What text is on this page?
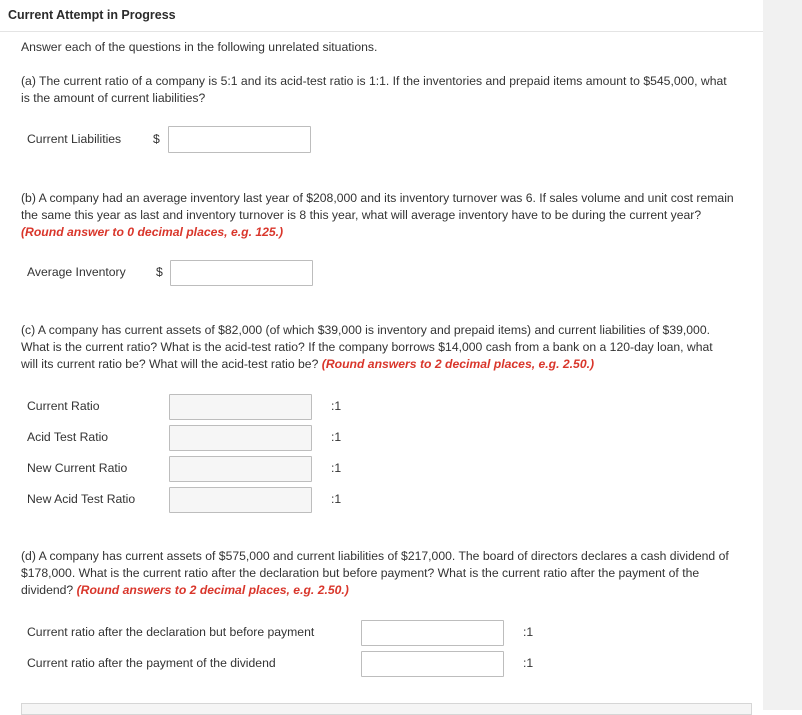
Current Attempt in Progress
Answer each of the questions in the following unrelated situations.
(a) The current ratio of a company is 5:1 and its acid-test ratio is 1:1. If the inventories and prepaid items amount to $545,000, what
is the amount of current liabilities?
Current Liabilities	$
(b) A company had an average inventory last year of $208,000 and its inventory turnover was 6. If sales volume and unit cost remain
the same this year as last and inventory turnover is 8 this year, what will average inventory have to be during the current year?
(Round answer to 0 decimal places, e.g. 125.)
Average Inventory $
(c) A company has current assets of $82,000 (of which $39,000 is inventory and prepaid items) and current liabilities of $39,000.
What is the current ratio? What is the acid-test ratio? If the company borrows $14,000 cash from a bank on a 120-day loan, what
will its current ratio be? What will the acid-test ratio be? (Round answers to 2 decimal places, e.g. 2.50.)
Current Ratio	:1
Acid Test Ratio	:1
New Current Ratio	:1
New Acid Test Ratio	:1
(d) A company has current assets of $575,000 and current liabilities of $217,000. The board of directors declares a cash dividend of
$178,000. What is the current ratio after the declaration but before payment? What is the current ratio after the payment of the
dividend? (Round answers to 2 decimal places, e.g. 2.50.)
Current ratio after the declaration but before payment	:1
Current ratio after the payment of the dividend	:1
